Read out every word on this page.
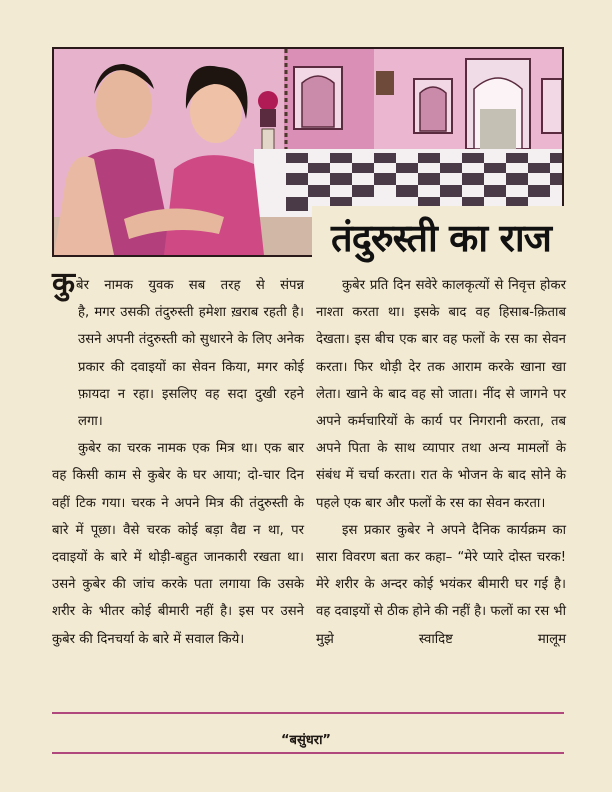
तंदुरुस्ती का राज

कुबेर नामक युवक सब तरह से संपन्न

है, मगर उसकी तंदुरुस्ती हमेशा ख़राब रहती है। उसने अपनी तंदुरुस्ती को सुधारने के लिए अनेक प्रकार की दवाइयों का सेवन किया, मगर कोई फ़ायदा न रहा। इसलिए वह सदा दुखी रहने लगा।

कुबेर का चरक नामक एक मित्र था। एक बार वह किसी काम से कुबेर के घर आया; दो-चार दिन वहीं टिक गया। चरक ने अपने मित्र की तंदुरुस्ती के बारे में पूछा। वैसे चरक कोई बड़ा वैद्य न था, पर दवाइयों के बारे में थोड़ी-बहुत जानकारी रखता था। उसने कुबेर की जांच करके पता लगाया कि उसके शरीर के भीतर कोई बीमारी नहीं है। इस पर उसने कुबेर की दिनचर्या के बारे में सवाल किये।

कुबेर प्रति दिन सवेरे कालकृत्यों से निवृत्त होकर नाश्ता करता था। इसके बाद वह हिसाब-क़िताब देखता। इस बीच एक बार वह फलों के रस का सेवन करता। फिर थोड़ी देर तक आराम करके खाना खा लेता। खाने के बाद वह सो जाता। नींद से जागने पर अपने कर्मचारियों के कार्य पर निगरानी करता, तब अपने पिता के साथ व्यापार तथा अन्य मामलों के संबंध में चर्चा करता। रात के भोजन के बाद सोने के पहले एक बार और फलों के रस का सेवन करता।

इस प्रकार कुबेर ने अपने दैनिक कार्यक्रम का सारा विवरण बता कर कहा– “मेरे प्यारे दोस्त चरक! मेरे शरीर के अन्दर कोई भयंकर बीमारी घर गई है। वह दवाइयों से ठीक होने की नहीं है। फलों का रस भी मुझे स्वादिष्ट मालूम

“बसुंधरा”
